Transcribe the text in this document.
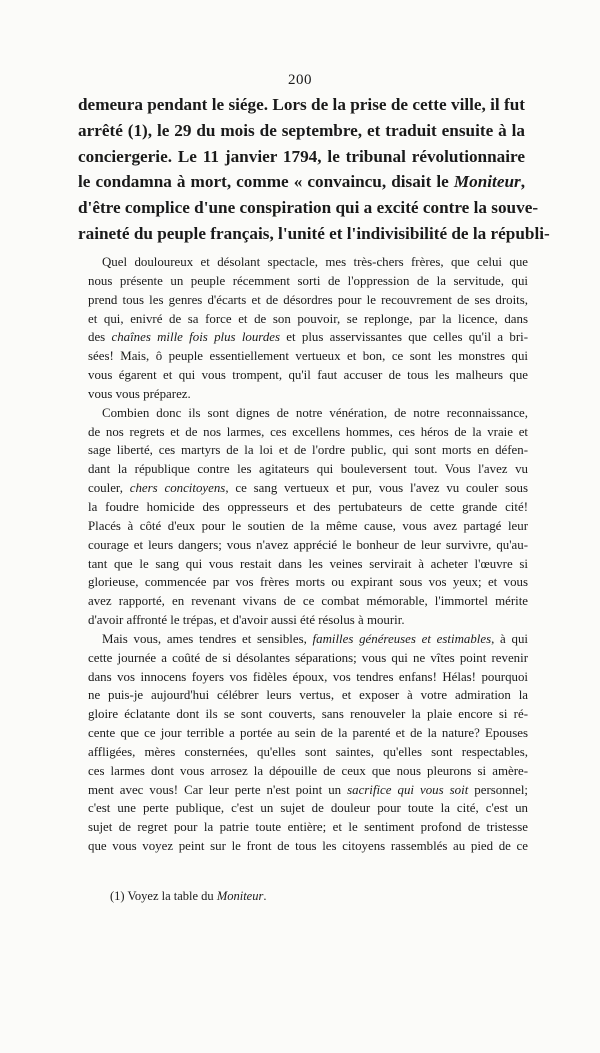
200
demeura pendant le siége. Lors de la prise de cette ville, il fut
arrêté (1), le 29 du mois de septembre, et traduit ensuite à la
conciergerie. Le 11 janvier 1794, le tribunal révolutionnaire
le condamna à mort, comme « convaincu, disait le Moniteur,
d'être complice d'une conspiration qui a excité contre la souve-
raineté du peuple français, l'unité et l'indivisibilité de la républi-
Quel douloureux et désolant spectacle, mes très-chers frères, que celui que
nous présente un peuple récemment sorti de l'oppression de la servitude, qui
prend tous les genres d'écarts et de désordres pour le recouvrement de ses droits,
et qui, enivré de sa force et de son pouvoir, se replonge, par la licence, dans
des chaînes mille fois plus lourdes et plus asservissantes que celles qu'il a bri-
sées! Mais, ô peuple essentiellement vertueux et bon, ce sont les monstres qui
vous égarent et qui vous trompent, qu'il faut accuser de tous les malheurs que
vous vous préparez.
Combien donc ils sont dignes de notre vénération, de notre reconnaissance,
de nos regrets et de nos larmes, ces excellens hommes, ces héros de la vraie et
sage liberté, ces martyrs de la loi et de l'ordre public, qui sont morts en défen-
dant la république contre les agitateurs qui bouleversent tout. Vous l'avez vu
couler, chers concitoyens, ce sang vertueux et pur, vous l'avez vu couler sous
la foudre homicide des oppresseurs et des pertubateurs de cette grande cité!
Placés à côté d'eux pour le soutien de la même cause, vous avez partagé leur
courage et leurs dangers; vous n'avez apprécié le bonheur de leur survivre, qu'au-
tant que le sang qui vous restait dans les veines servirait à acheter l'œuvre si
glorieuse, commencée par vos frères morts ou expirant sous vos yeux; et vous
avez rapporté, en revenant vivans de ce combat mémorable, l'immortel mérite
d'avoir affronté le trépas, et d'avoir aussi été résolus à mourir.
Mais vous, ames tendres et sensibles, familles généreuses et estimables, à qui
cette journée a coûté de si désolantes séparations; vous qui ne vîtes point revenir
dans vos innocens foyers vos fidèles époux, vos tendres enfans! Hélas! pourquoi
ne puis-je aujourd'hui célébrer leurs vertus, et exposer à votre admiration la
gloire éclatante dont ils se sont couverts, sans renouveler la plaie encore si ré-
cente que ce jour terrible a portée au sein de la parenté et de la nature? Epouses
affligées, mères consternées, qu'elles sont saintes, qu'elles sont respectables,
ces larmes dont vous arrosez la dépouille de ceux que nous pleurons si amère-
ment avec vous! Car leur perte n'est point un sacrifice qui vous soit personnel;
c'est une perte publique, c'est un sujet de douleur pour toute la cité, c'est un
sujet de regret pour la patrie toute entière; et le sentiment profond de tristesse
que vous voyez peint sur le front de tous les citoyens rassemblés au pied de ce
(1) Voyez la table du Moniteur.
